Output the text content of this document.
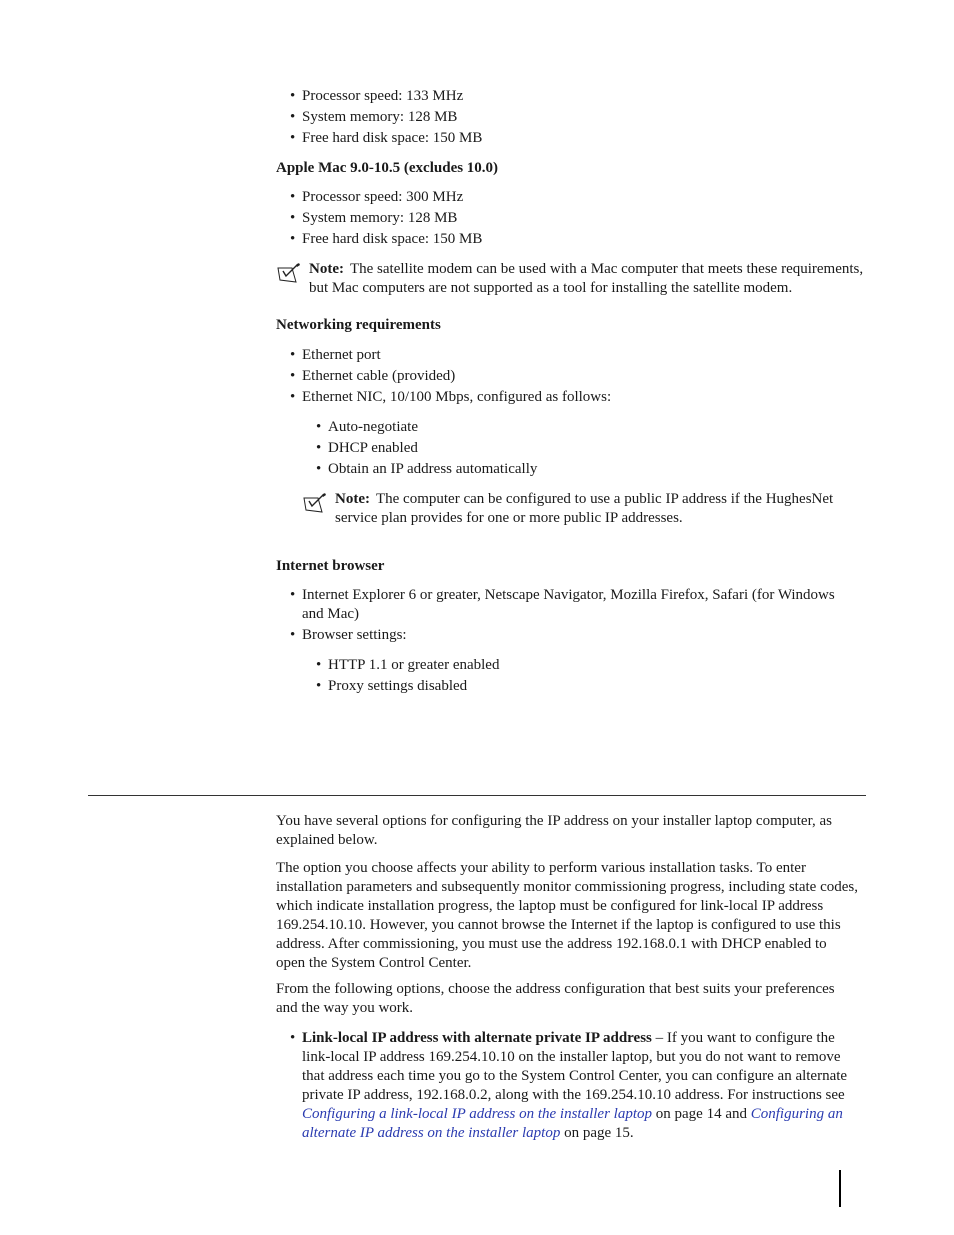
• Processor speed: 133 MHz
• System memory: 128 MB
• Free hard disk space: 150 MB
Apple Mac 9.0-10.5 (excludes 10.0)
• Processor speed: 300 MHz
• System memory: 128 MB
• Free hard disk space: 150 MB
Note: The satellite modem can be used with a Mac computer that meets these requirements,
but Mac computers are not supported as a tool for installing the satellite modem.
Networking requirements
• Ethernet port
• Ethernet cable (provided)
• Ethernet NIC, 10/100 Mbps, configured as follows:
• Auto-negotiate
• DHCP enabled
• Obtain an IP address automatically
Note: The computer can be configured to use a public IP address if the HughesNet
service plan provides for one or more public IP addresses.
Internet browser
• Internet Explorer 6 or greater, Netscape Navigator, Mozilla Firefox, Safari (for Windows
and Mac)
• Browser settings:
• HTTP 1.1 or greater enabled
• Proxy settings disabled
You have several options for configuring the IP address on your installer laptop computer, as
explained below.
The option you choose affects your ability to perform various installation tasks. To enter
installation parameters and subsequently monitor commissioning progress, including state codes,
which indicate installation progress, the laptop must be configured for link-local IP address
169.254.10.10. However, you cannot browse the Internet if the laptop is configured to use this
address. After commissioning, you must use the address 192.168.0.1 with DHCP enabled to
open the System Control Center.
From the following options, choose the address configuration that best suits your preferences
and the way you work.
• Link-local IP address with alternate private IP address – If you want to configure the
link-local IP address 169.254.10.10 on the installer laptop, but you do not want to remove
that address each time you go to the System Control Center, you can configure an alternate
private IP address, 192.168.0.2, along with the 169.254.10.10 address. For instructions see
Configuring a link-local IP address on the installer laptop on page 14 and Configuring an
alternate IP address on the installer laptop on page 15.
